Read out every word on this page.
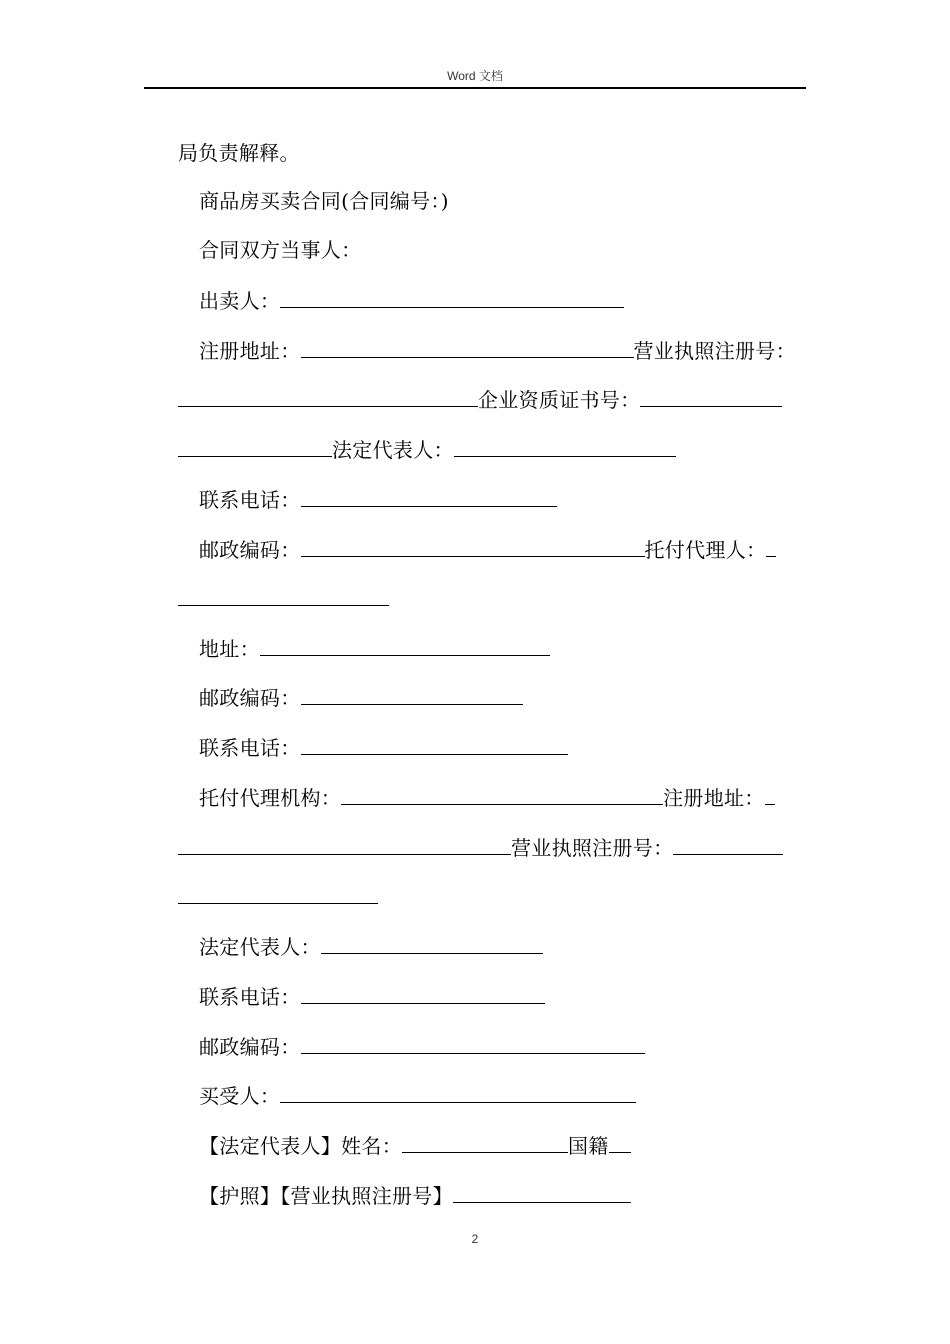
Word 文档
局负责解释。
商品房买卖合同(合同编号：)
合同双方当事人：
出卖人：
注册地址：	营业执照注册号：
企业资质证书号：
法定代表人：
联系电话：
邮政编码：	托付代理人：
地址：
邮政编码：
联系电话：
托付代理机构：	注册地址：
营业执照注册号：
法定代表人：
联系电话：
邮政编码：
买受人：
【法定代表人】姓名：	国籍
【护照】【营业执照注册号】
2
